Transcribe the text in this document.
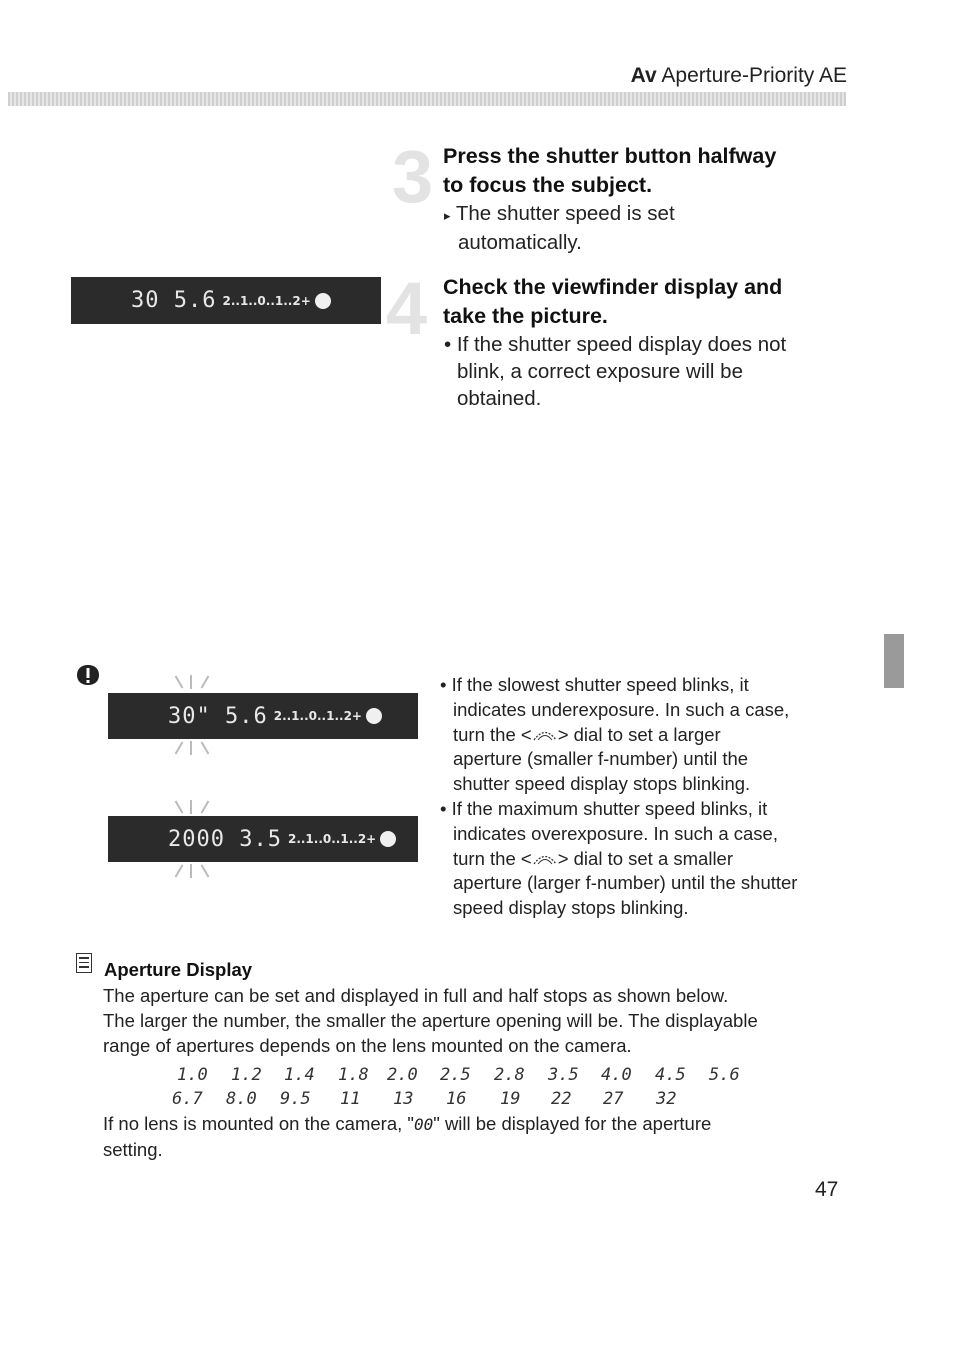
Av Aperture-Priority AE
3 Press the shutter button halfway
to focus the subject.
▸ The shutter speed is set
automatically.
30 5.6 2..1..0..1..2+ 4 Check the viewfinder display and
take the picture.
• If the shutter speed display does not
blink, a correct exposure will be
obtained.
30" 5.6 2..1..0..1..2+
2000 3.5 2..1..0..1..2+
• If the slowest shutter speed blinks, it
indicates underexposure. In such a case,
turn the < > dial to set a larger
aperture (smaller f-number) until the
shutter speed display stops blinking.
• If the maximum shutter speed blinks, it
indicates overexposure. In such a case,
turn the < > dial to set a smaller
aperture (larger f-number) until the shutter
speed display stops blinking.
Aperture Display
The aperture can be set and displayed in full and half stops as shown below.
The larger the number, the smaller the aperture opening will be. The displayable
range of apertures depends on the lens mounted on the camera.
1.0 1.2 1.4 1.8 2.0 2.5 2.8 3.5 4.0 4.5 5.6
6.7 8.0 9.5 11 13 16 19 22 27 32
If no lens is mounted on the camera, "00" will be displayed for the aperture
setting.
47
